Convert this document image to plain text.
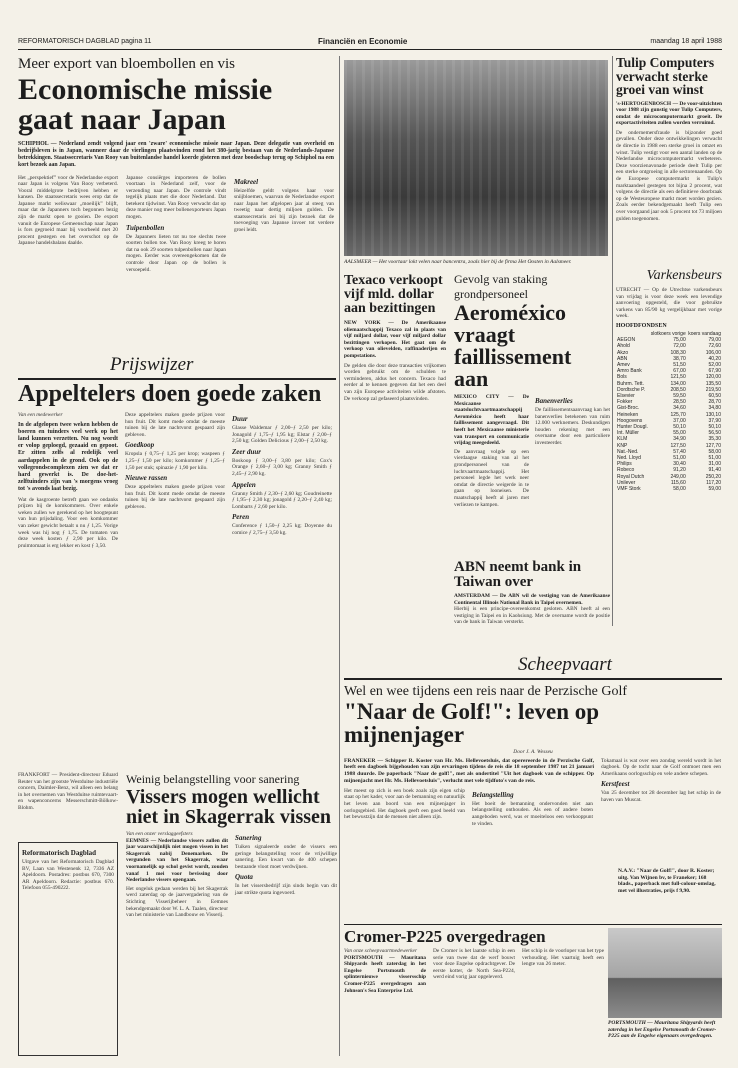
REFORMATORISCH DAGBLAD pagina 11	Financiën en Economie	maandag 18 april 1988
Meer export van bloembollen en vis
Economische missie gaat naar Japan
SCHIPHOL — Nederland zendt volgend jaar een 'zware' economische missie naar Japan. Deze delegatie van overheid en bedrijfsleven is in Japan, wanneer daar de vierlingen plaatsvinden rond het 380-jarig bestaan van de Nederlands-Japanse betrekkingen. Staatssecretaris Van Rooy van buitenlandse handel koerde gisteren met deze boodschap terug op Schiphol na een kort bezoek aan Japan.
Het „perspektief” voor de Nederlandse export naar Japan is volgens Van Rooy verbeterd. Vooral middelgrote bedrijven hebben er kansen. De staatssecretaris wees erop dat de Japanse markt weliswaar „moeilijk” blijft, maar dat de Japanners toch begonnen bezig zijn de markt open te gooien. De export vanuit de Europese Gemeenschap naar Japan is fors gegroeid maar bij voorbeeld met 20 procent gestegen en het overschot op de Japanse handelsbalans daalde.
Japanse consiërges importeren de bollen voortaan in Nederland zelf, voor de verzending naar Japan. De controle vindt tegelijk plaats met die door Nederland. Dat betekent tijdwinst. Van Rooy verwacht dat op deze manier nog meer bollenexporteurs Japan mogen.
Tuipenbollen
De Japanners lieten tot nu toe slechts twee soorten bollen toe. Van Rooy kreeg te horen dat na ook 29 soorten tulpenbollen naar Japan mogen. Eerder was overeengekomen dat de controle door Japan op de bollen is versoepeld.
Makreel
Heizelfde geldt volgens haar voor sniijbloemen, waarvan de Nederlandse export naar Japan het afgelopen jaar al steeg van tweetig naar dertig miljoen gulden. De staatssecretaris zei bij zijn bezoek dat de toevoeging van Japanse invoer tot verdere groei leidt.
AALSMEER — Het voortaar lokt velen naar bancentra, zoals hier bij de firma Het Oosten in Aalsmeer.
Tulip Computers verwacht sterke groei van winst
's-HERTOGENBOSCH — De voor-uitzichten voor 1988 zijn gunstig voor Tulip Computers, omdat de microcomputermarkt groeit. De exportactiviteiten zullen worden verruimd.
De ondernemersfraude is bijzonder goed gevallen. Onder deze ontwikkelingen verwacht de directie in 1988 een sterke groei in omzet en winst. Tulip vestigt voor een aantal landen op de Nederlandse microcomputermarkt verbeteren. Deze voorzienavonade periode deelt Tulip per een sterke ontgroeing in alle sectorenaanden. Op de Europese computermarkt is Tulip's marktaandeel gestegen tot bijna 2 procent, wat volgens de directie als een definitieve doorbraak op de Westeuropese markt moet worden gezien. Zoals eerder bekendgemaakt heeft Tulip een over voorgaand jaar ook 5 procent tot 73 miljoen gulden toegenomen.
Varkensbeurs
UTRECHT — Op de Utrechtse varkensbeurs van vrijdag is voor deze week een levendige aanvoering opgesteld, die voor gebruikte varkens van 85/90 kg vergelijkbaar met vorige week.
HOOFDFONDSEN
	slotkoers vorige	koers vandaag
AEGON	75,00	79,00
Ahold	72,00	72,60
Akzo	108,30	106,00
ABN	38,70	40,20
Amev	51,50	52,00
Amro Bank	67,00	67,90
Bols	121,50	120,00
Buhrm. Tett.	134,00	135,50
Dordtsche P.	208,50	219,50
Elsevier	59,50	60,50
Fokker	28,50	28,70
Gist-Broc.	34,60	34,80
Heineken	125,70	130,10
Hoogovens	37,00	37,90
Hunter Dougl.	50,10	50,10
Int. Müller	55,00	56,50
KLM	34,90	35,30
KNP	127,50	127,70
Nat.-Ned.	57,40	58,00
Ned. Lloyd	51,00	51,00
Philips	30,40	31,00
Robeco	91,20	91,40
Royal Dutch	249,00	250,20
Unilever	115,60	117,20
VMF Stork	58,00	59,00
Texaco verkoopt vijf mld. dollar aan bezittingen
NEW YORK — De Amerikaanse oliemaatschappij Texaco zal in plaats van vijf miljard dollar, voor vijf miljard dollar bezittingen verkopen. Het gaat om de verkoop van olievelden, raffinaderijen en pompstations.
De gelden die door deze transacties vrijkomen worden gebruikt om de schulden te verminderen, aldus het concern. Texaco had eerder al te kennen gegeven dat het een deel van zijn Europese activiteiten wilde afstoten. De verkoop zal gefaseerd plaatsvinden.
Gevolg van staking grondpersoneel
Aeroméxico vraagt faillissement aan
MEXICO CITY — De Mexicaanse staatsluchtvaartmaatschappij Aeroméxico heeft haar faillissement aangevraagd. Dit heeft het Mexicaanse ministerie van transport en communicatie vrijdag meegedeeld.
De aanvraag volgde op een vierdaagse staking van al het grondpersoneel van de luchtvaartmaatschappij. Het personeel legde het werk neer omdat de directie weigerde in te gaan op looneisen. De maatschappij heeft al jaren met verliezen te kampen.
Banenverlies
De faillissementsaanvraag kan het banenverlies betekenen van ruim 12.000 werknemers. Deskundigen houden rekening met een overname door een particuliere investeerder.
ABN neemt bank in Taiwan over
AMSTERDAM — De ABN wil de vestiging van de Amerikaanse Continental Illinois National Bank in Taipei overnemen.
Hierbij is een principe-overeenkomst gesloten. ABN heeft al een vestiging in Taipei en in Kaohsiung. Met de overname wordt de positie van de bank in Taiwan versterkt.
Prijswijzer
Appeltelers doen goede zaken
Van een medewerker
In de afgelopen twee weken hebben de boeren en tuinders veel werk op het land kunnen verzetten. Nu nog wordt er volop geploegd, gezaaid en gepoot. Er zitten zelfs al redelijk veel aardappelen in de grond. Ook op de vollegrondscomplexen zien we dat er hard gewerkt is. De doe-het-zelftuinders zijn van 's morgens vroeg tot 's avonds laat bezig.
Wat de kasgroente betreft gaan we ondanks prijzen bij de komkommers. Over enkele weken zullen we gerekend op het hoogtepunt van hun prijsdaling. Voor een komkommer van zeker gewicht betaalt u nu ƒ 1,25. Vorige week was hij nog ƒ 1,75. De tomaten van deze week kosten ƒ 2,90 per kilo. De pruimtomaat is erg lekker en kost ƒ 3,50.
Deze appeltelers maken goede prijzen voor hun fruit. Dit komt mede omdat de meeste tuinen bij de late nachtvorst gespaard zijn gebleven.
Goedkoop
Kropsla ƒ 0,75–ƒ 1,25 per krop; waspeen ƒ 1,25–ƒ 1,50 per kilo; komkommer ƒ 1,25–ƒ 1,50 per stuk; spinazie ƒ 1,90 per kilo.
Nieuwe rassen
Deze appeltelers maken goede prijzen voor hun fruit. Dit komt mede omdat de meeste tuinen bij de late nachtvorst gespaard zijn gebleven.
Duur
Glasse Waldemar ƒ 2,00–ƒ 2,50 per kilo; Jonagold ƒ 1,75–ƒ 1,95 kg; Elstar ƒ 2,00–ƒ 2,50 kg; Golden Delicious ƒ 2,00–ƒ 2,50 kg.
Zeer duur
Boskoop ƒ 3,00–ƒ 3,80 per kilo; Cox's Orange ƒ 2,60–ƒ 3,00 kg; Granny Smith ƒ 2,45–ƒ 2,90 kg.
Appelen
Granny Smith ƒ 2,30–ƒ 2,60 kg; Goudreinette ƒ 1,95–ƒ 2,30 kg; jonagold ƒ 2,20–ƒ 2,40 kg; Lombarts ƒ 2,60 per kilo.
Peren
Conference ƒ 1,50–ƒ 2,25 kg; Doyenne du comice ƒ 2,75–ƒ 3,50 kg.
FRANKFORT — President-directeur Eduard Reuter van het grootste Westduitse industriële concern, Daimler-Benz, wil alleen een belang in het overnemen van Westduitse ruimtevaart- en wapenconcerns Messerschmitt-Bölkow-Blohm.
Reformatorisch Dagblad
Uitgave van het Reformatorisch Dagblad BV, Laan van Westenenk 12, 7336 AZ Apeldoorn. Postadres: postbus 670, 7300 AR Apeldoorn. Redactie: postbus 670. Telefoon 055-490222.
Weinig belangstelling voor sanering
Vissers mogen wellicht niet in Skagerrak vissen
Van een onzer verslaggeefsters
EEMNES — Nederlandse vissers zullen dit jaar waarschijnlijk niet mogen vissen in het Skagerrak nabij Denemarken. De vergunden van het Skagerrak, waar voornamelijk op schol gevist wordt, zouden vanaf 1 mei voor bevissing door Nederlandse vissers opengaan.
Het ongeluk gedaan werden bij het Skagerrak werd zaterdag op de jaarvergadering van de Stichting Visserijbeheer in Eemnes bekendgemaakt door W. L. A. Taalen, directeur van het ministerie van Landbouw en Visserij.
Sanering
Tuiken signaleerde onder de vissers een geringe belangstelling voor de vrijwillige sanering. Een kwart van de 400 schepen bestaande vloot moet verdwijnen.
Quota
In het vissersbedrijf zijn sinds begin van dit jaar strikte quota ingevoerd.
Scheepvaart
Wel en wee tijdens een reis naar de Perzische Golf
"Naar de Golf!": leven op mijnenjager
Door J. A. Wesseu
FRANEKER — Schipper R. Koster van Hr. Ms. Hellevoetsluis, dat operereerde in de Perzische Golf, heeft een dagboek bijgehouden van zijn ervaringen tijdens de reis die 18 september 1987 tot 21 januari 1988 duurde. De paperback "Naar de golf!", met als ondertitel "Uit het dagboek van de schipper. Op mijnenjacht met Hr. Ms. Hellevoetsluis", verlucht met vele tijdfoto's van de reis.
Het meest op zich is een boek zoals zijn eigen schip staat op het kader, voor aan de bemanning en natuurlijk het leven aan boord van een mijnenjager in oorlogsgebied. Het dagboek geeft een goed beeld van het bewustzijn dat de mensen niet alleen zijn.
Belangstelling
Het boeit de bemanning ondervonden niet aan belangstelling onthouden. Als een of andere boten aangeboden werd, was er moeiteloos een verkooppunt te vinden.
Tokamaal is wat over een zondag wereld wordt in het dagboek. Op de tocht naar de Golf ontmoet men een Amerikaans oorlogsschip en vele andere schepen.
Kerstfeest
Van 25 december tot 28 december lag het schip in de haven van Muscat.
Cromer-P225 overgedragen
Van onze scheepvaartmedewerker
PORTSMOUTH — Mauritana Shipyards heeft zaterdag in het Engelse Portsmouth de splinternieuwe vissersschip Cromer-P225 overgedragen aan Johnson's Sea Enterprise Ltd.
De Cromer is het laatste schip in een serie van twee dat de werf bouwt voor deze Engelse opdrachtgever. De eerste kotter, de North Sea-P224, werd eind vorig jaar opgeleverd.
Het schip is de voorloper van het type verhouding. Het vaartuig heeft een lengte van 26 meter.
PORTSMOUTH — Mauritana Shipyards heeft zaterdag in het Engelse Portsmouth de Cromer-P225 aan de Engelse eigenaars overgedragen.
N.A.V.: "Naar de Golf!", door R. Koster; uitg. Van Wijnen bv, te Franeker; 168 blads., paperback met full-colour-omslag, met vel illustraties, prijs f 9,90.
